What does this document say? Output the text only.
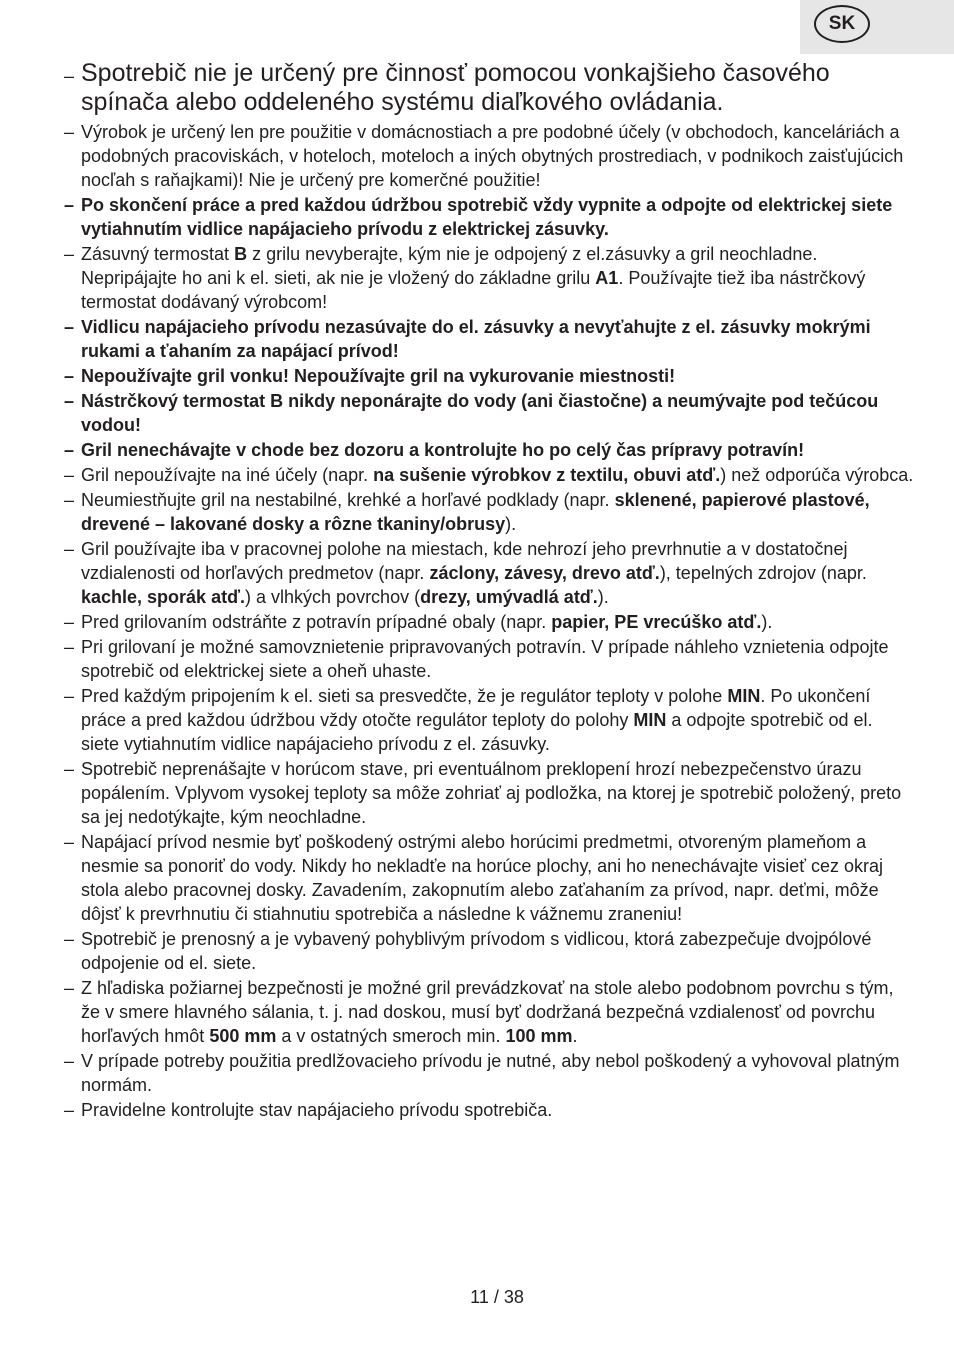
SK
– Spotrebič nie je určený pre činnosť pomocou vonkajšieho časového spínača alebo oddeleného systému diaľkového ovládania.
– Výrobok je určený len pre použitie v domácnostiach a pre podobné účely (v obchodoch, kanceláriách a podobných pracoviskách, v hoteloch, moteloch a iných obytných prostrediach, v podnikoch zaisťujúcich nocľah s raňajkami)! Nie je určený pre komerčné použitie!
– Po skončení práce a pred každou údržbou spotrebič vždy vypnite a odpojte od elektrickej siete vytiahnutím vidlice napájacieho prívodu z elektrickej zásuvky.
– Zásuvný termostat B z grilu nevyberajte, kým nie je odpojený z el.zásuvky a gril neochladne. Nepripájajte ho ani k el. sieti, ak nie je vložený do základne grilu A1. Používajte tiež iba nástrčkový termostat dodávaný výrobcom!
– Vidlicu napájacieho prívodu nezasúvajte do el. zásuvky a nevyťahujte z el. zásuvky mokrými rukami a ťahaním za napájací prívod!
– Nepoužívajte gril vonku! Nepoužívajte gril na vykurovanie miestnosti!
– Nástrčkový termostat B nikdy neponárajte do vody (ani čiastočne) a neumývajte pod tečúcou vodou!
– Gril nenechávajte v chode bez dozoru a kontrolujte ho po celý čas prípravy potravín!
– Gril nepoužívajte na iné účely (napr. na sušenie výrobkov z textilu, obuvi atď.) než odporúča výrobca.
– Neumiestňujte gril na nestabilné, krehké a horľavé podklady (napr. sklenené, papierové plastové, drevené – lakované dosky a rôzne tkaniny/obrusy).
– Gril používajte iba v pracovnej polohe na miestach, kde nehrozí jeho prevrhnutie a v dostatočnej vzdialenosti od horľavých predmetov (napr. záclony, závesy, drevo atď.), tepelných zdrojov (napr. kachle, sporák atď.) a vlhkých povrchov (drezy, umývadlá atď.).
– Pred grilovaním odstráňte z potravín prípadné obaly (napr. papier, PE vrecúško atď.).
– Pri grilovaní je možné samovznietenie pripravovaných potravín. V prípade náhleho vznietenia odpojte spotrebič od elektrickej siete a oheň uhaste.
– Pred každým pripojením k el. sieti sa presvedčte, že je regulátor teploty v polohe MIN. Po ukončení práce a pred každou údržbou vždy otočte regulátor teploty do polohy MIN a odpojte spotrebič od el. siete vytiahnutím vidlice napájacieho prívodu z el. zásuvky.
– Spotrebič neprenášajte v horúcom stave, pri eventuálnom preklopení hrozí nebezpečenstvo úrazu popálením. Vplyvom vysokej teploty sa môže zohriať aj podložka, na ktorej je spotrebič položený, preto sa jej nedotýkajte, kým neochladne.
– Napájací prívod nesmie byť poškodený ostrými alebo horúcimi predmetmi, otvoreným plameňom a nesmie sa ponoriť do vody. Nikdy ho nekladťe na horúce plochy, ani ho nenechávajte visieť cez okraj stola alebo pracovnej dosky. Zavadením, zakopnutím alebo zaťahaním za prívod, napr. deťmi, môže dôjsť k prevrhnutiu či stiahnutiu spotrebiča a následne k vážnemu zraneniu!
– Spotrebič je prenosný a je vybavený pohyblivým prívodom s vidlicou, ktorá zabezpečuje dvojpólové odpojenie od el. siete.
– Z hľadiska požiarnej bezpečnosti je možné gril prevádzkovať na stole alebo podobnom povrchu s tým, že v smere hlavného sálania, t. j. nad doskou, musí byť dodržaná bezpečná vzdialenosť od povrchu horľavých hmôt 500 mm a v ostatných smeroch min. 100 mm.
– V prípade potreby použitia predlžovacieho prívodu je nutné, aby nebol poškodený a vyhovoval platným normám.
– Pravidelne kontrolujte stav napájacieho prívodu spotrebiča.
11 / 38
